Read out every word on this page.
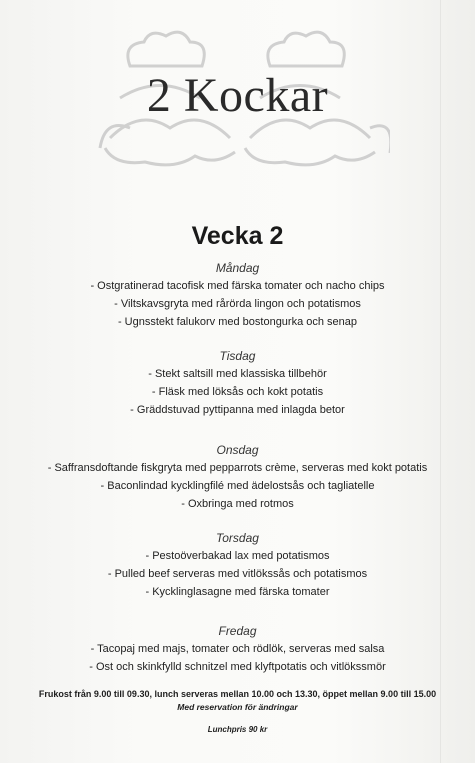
2 Kockar
Vecka 2
Måndag
- Ostgratinerad tacofisk med färska tomater och nacho chips
- Viltskavsgryta med rårörda lingon och potatismos
- Ugnsstekt falukorv med bostongurka och senap
Tisdag
- Stekt saltsill med klassiska tillbehör
- Fläsk med löksås och kokt potatis
- Gräddstuvad pyttipanna med inlagda betor
Onsdag
- Saffransdoftande fiskgryta med pepparrots crème, serveras med kokt potatis
- Baconlindad kycklingfilé med ädelostsås och tagliatelle
- Oxbringa med rotmos
Torsdag
- Pestoöverbakad lax med potatismos
- Pulled beef serveras med vitlökssås och potatismos
- Kycklinglasagne med färska tomater
Fredag
- Tacopaj med majs, tomater och rödlök, serveras med salsa
- Ost och skinkfylld schnitzel med klyftpotatis och vitlökssmör
Frukost från 9.00 till 09.30, lunch serveras mellan 10.00 och 13.30, öppet mellan 9.00 till 15.00
Med reservation för ändringar
Lunchpris 90 kr
